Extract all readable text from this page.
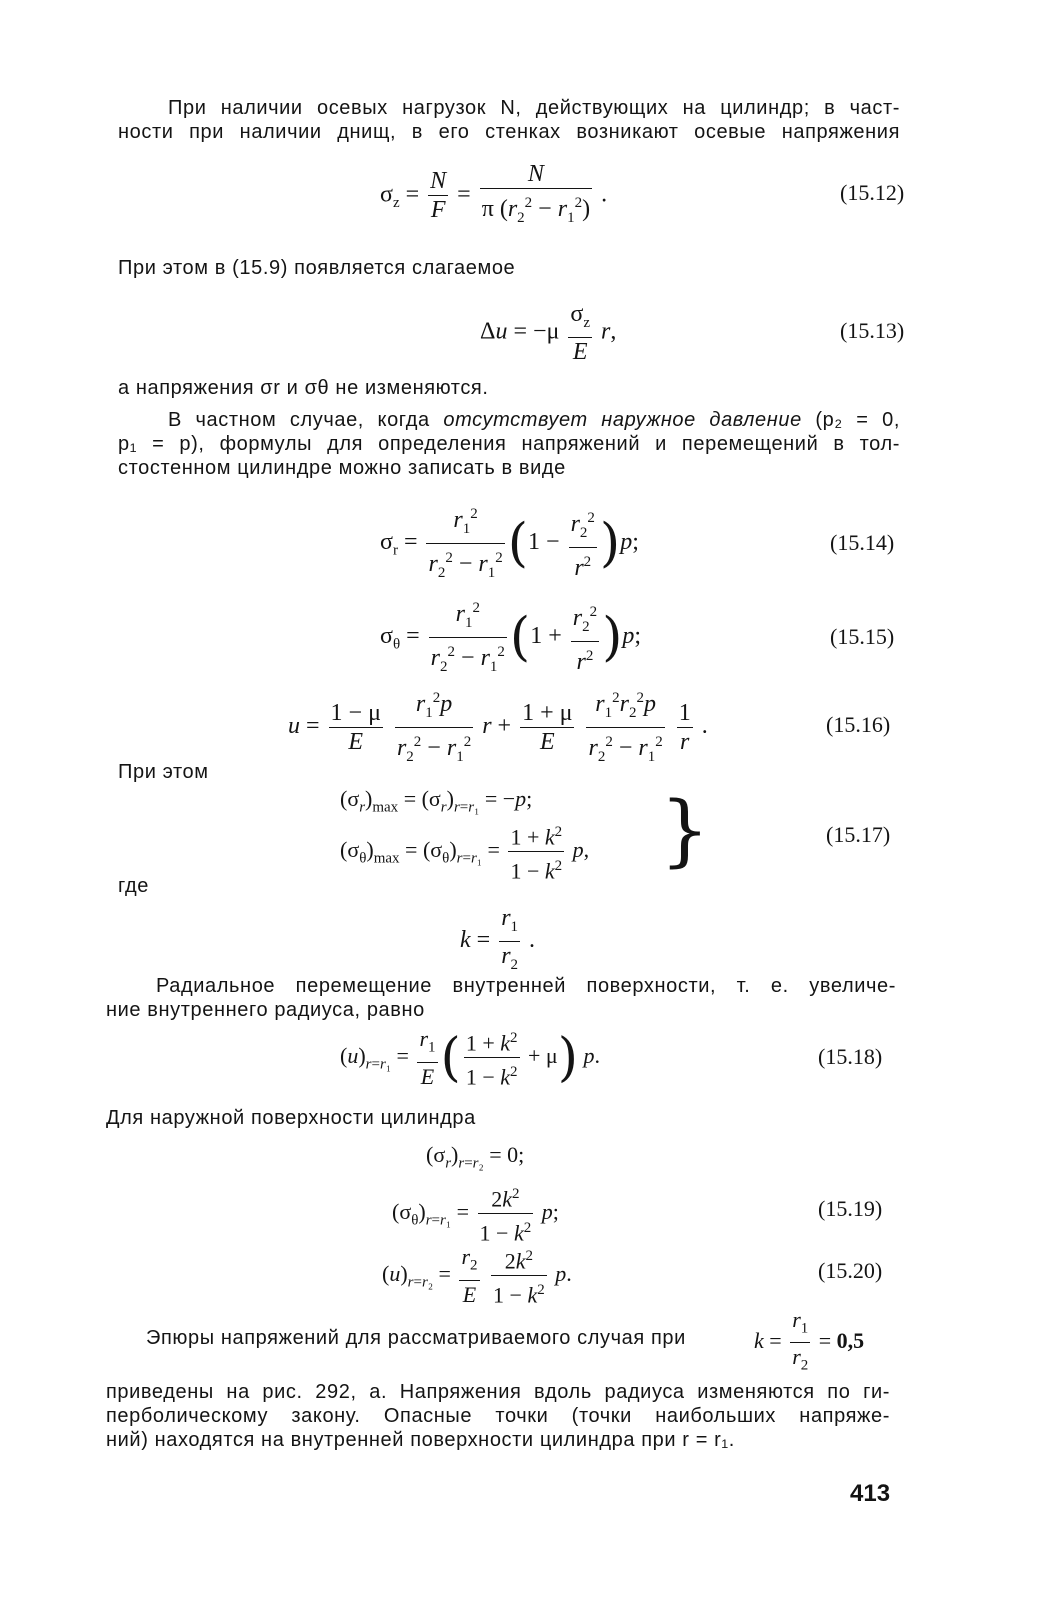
При наличии осевых нагрузок N, действующих на цилиндр; в част-
ности при наличии днищ, в его стенках возникают осевые напряжения

$\sigma_z = \frac{N}{F} = \frac{N}{\pi (r_2^2 - r_1^2)}$ .	(15.12)

При этом в (15.9) появляется слагаемое

$\Delta u = -\mu \frac{\sigma_z}{E} r$,	(15.13)

а напряжения σr и σθ не изменяются.

В частном случае, когда отсутствует наружное давление (p₂ = 0,
p₁ = p), формулы для определения напряжений и перемещений в тол-
стостенном цилиндре можно записать в виде

$\sigma_r = \frac{r_1^2}{r_2^2 - r_1^2} (1 - \frac{r_2^2}{r^2} )p$;	(15.14)
$\sigma_\theta = \frac{r_1^2}{r_2^2 - r_1^2} (1 + \frac{r_2^2}{r^2} )p$;	(15.15)
$u = \frac{1 - \mu}{E}$
$\frac{r_1^2p}{r_2^2 - r_1^2}$ $r + \frac{1 + \mu}{E}$
$\frac{r_1^2r_2^2p}{r_2^2 - r_1^2}$
$\frac{1}{r}$ .	(15.16)

При этом

$(\sigma_r)_{max} = (\sigma_r)_{r=r_1} = -p$;
$(\sigma_\theta)_{max} = (\sigma_\theta)_{r=r_1} = \frac{1 + k^2}{1 - k^2} p$, }	(15.17)

где

$k = \frac{r_1}{r_2}$ .

Радиальное перемещение внутренней поверхности, т. е. увеличе-
ние внутреннего радиуса, равно

$(u)_{r=r_1} = \frac{r_1}{E}$ ( $\frac{1 + k^2}{1 - k^2} + \mu$) p.	(15.18)

Для наружной поверхности цилиндра

$(\sigma_r)_{r=r_2} = 0$;
$(\sigma_\theta)_{r=r_1} = \frac{2k^2}{1 - k^2} p$;	(15.19)
$(u)_{r=r_2} = \frac{r_2}{E}$
$\frac{2k^2}{1 - k^2} p$.	(15.20)

Эпюры напряжений для рассматриваемого случая при	$k = \frac{r_1}{r_2} = 0,5$

приведены на рис. 292, а. Напряжения вдоль радиуса изменяются по ги-
перболическому закону. Опасные точки (точки наибольших напряже-
ний) находятся на внутренней поверхности цилиндра при r = r₁.

413
